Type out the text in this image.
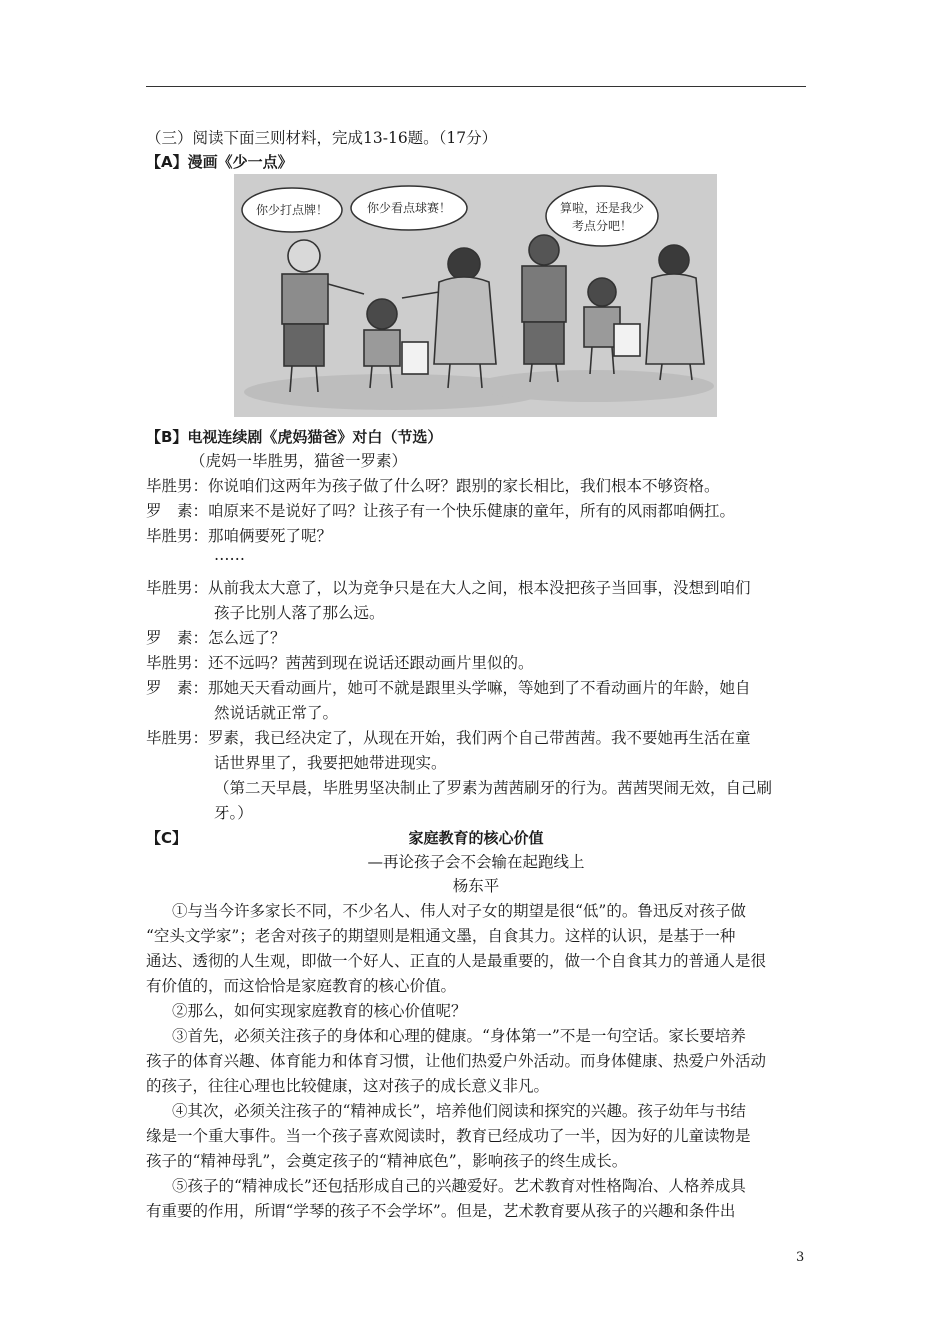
（三）阅读下面三则材料，完成13-16题。（17分）
【A】漫画《少一点》
你少打点牌！	你少看点球赛！	算啦，还是我少
考点分吧！
【B】电视连续剧《虎妈猫爸》对白（节选）
（虎妈一毕胜男，猫爸一罗素）
毕胜男：你说咱们这两年为孩子做了什么呀？跟别的家长相比，我们根本不够资格。
罗　素：咱原来不是说好了吗？让孩子有一个快乐健康的童年，所有的风雨都咱俩扛。
毕胜男：那咱俩要死了呢？
……
毕胜男：从前我太大意了，以为竞争只是在大人之间，根本没把孩子当回事，没想到咱们
孩子比别人落了那么远。
罗　素：怎么远了？
毕胜男：还不远吗？茜茜到现在说话还跟动画片里似的。
罗　素：那她天天看动画片，她可不就是跟里头学嘛，等她到了不看动画片的年龄，她自
然说话就正常了。
毕胜男：罗素，我已经决定了，从现在开始，我们两个自己带茜茜。我不要她再生活在童
话世界里了，我要把她带进现实。
（第二天早晨，毕胜男坚决制止了罗素为茜茜刷牙的行为。茜茜哭闹无效，自己刷
牙。）
【C】	家庭教育的核心价值
—再论孩子会不会输在起跑线上
杨东平
①与当今许多家长不同，不少名人、伟人对子女的期望是很“低”的。鲁迅反对孩子做
“空头文学家”；老舍对孩子的期望则是粗通文墨，自食其力。这样的认识，是基于一种
通达、透彻的人生观，即做一个好人、正直的人是最重要的，做一个自食其力的普通人是很
有价值的，而这恰恰是家庭教育的核心价值。
②那么，如何实现家庭教育的核心价值呢？
③首先，必须关注孩子的身体和心理的健康。“身体第一”不是一句空话。家长要培养
孩子的体育兴趣、体育能力和体育习惯，让他们热爱户外活动。而身体健康、热爱户外活动
的孩子，往往心理也比较健康，这对孩子的成长意义非凡。
④其次，必须关注孩子的“精神成长”，培养他们阅读和探究的兴趣。孩子幼年与书结
缘是一个重大事件。当一个孩子喜欢阅读时，教育已经成功了一半，因为好的儿童读物是
孩子的“精神母乳”，会奠定孩子的“精神底色”，影响孩子的终生成长。
⑤孩子的“精神成长”还包括形成自己的兴趣爱好。艺术教育对性格陶冶、人格养成具
有重要的作用，所谓“学琴的孩子不会学坏”。但是，艺术教育要从孩子的兴趣和条件出
3
